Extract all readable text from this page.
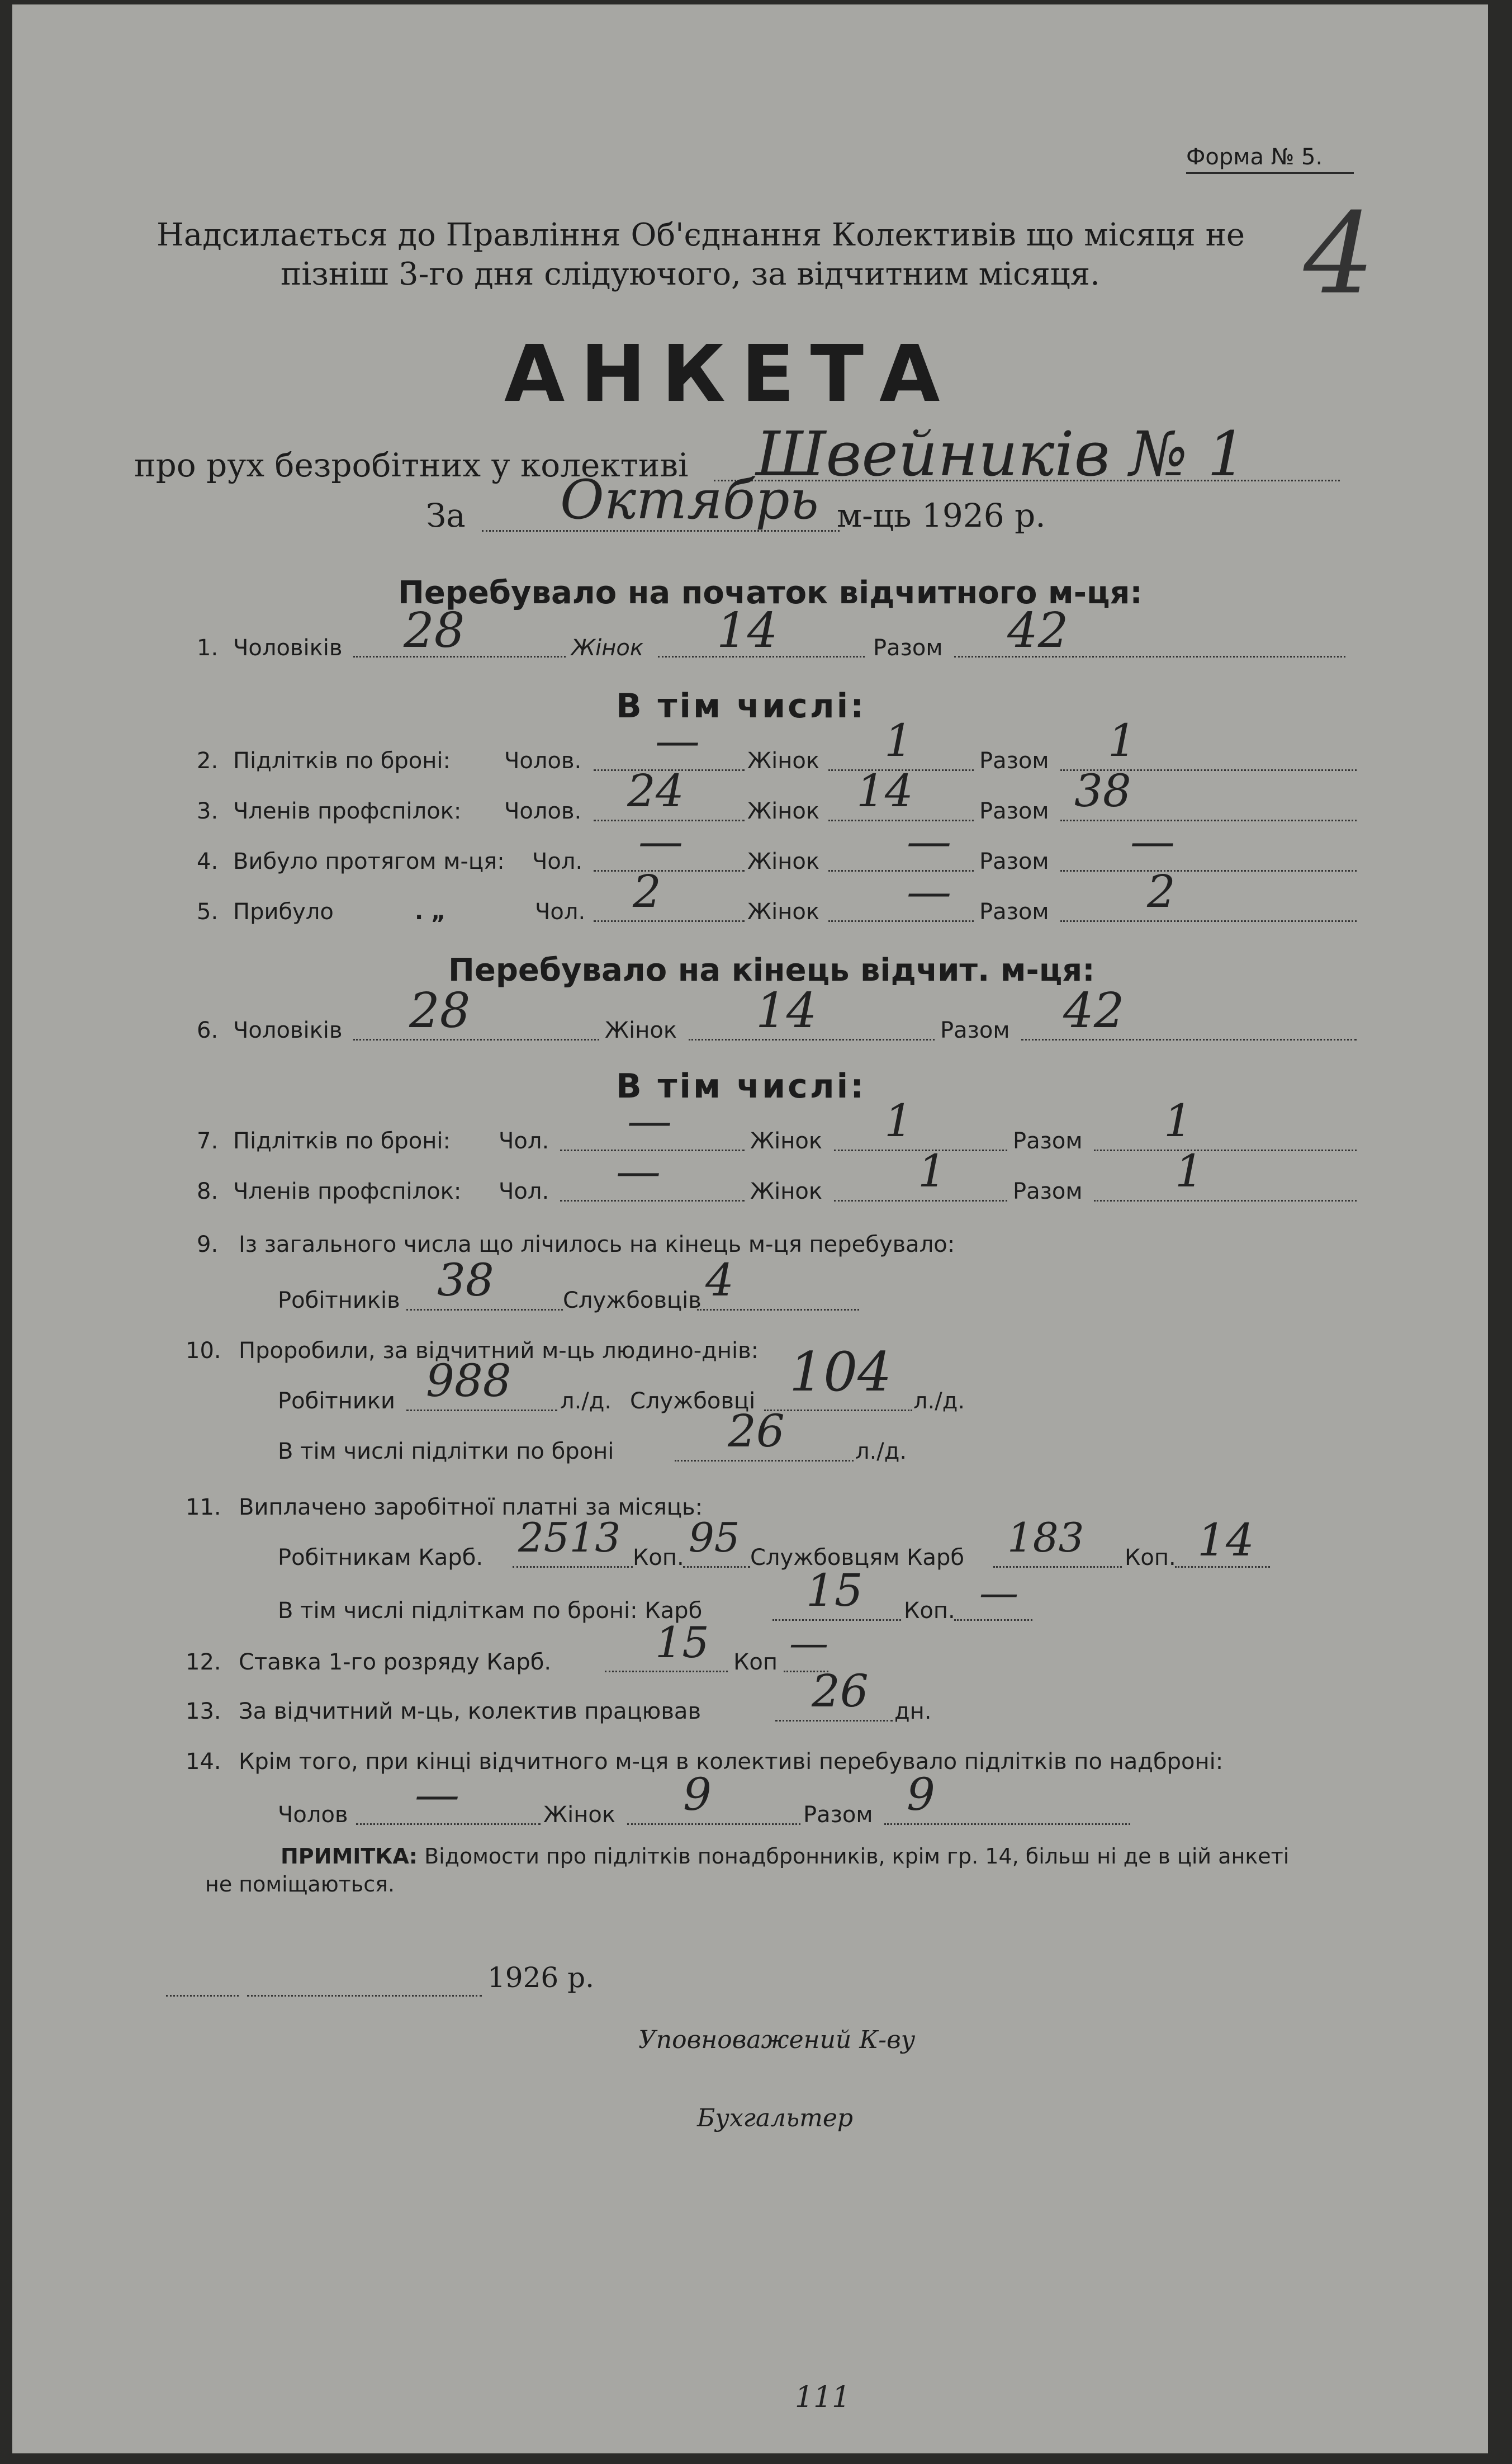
Форма № 5.
Надсилається до Правління Об'єднання Колективів що місяця не
пізніш 3-го дня слідуючого, за відчитним місяця. 4
АНКЕТА
про рух безробітних у колективі Швейників № 1
За Октябрь м-ць 1926 р.
Перебувало на початок відчитного м-ця:
1. Чоловіків 28	Жінок 14	Разом 42
В тім числі:
2. Підлітків по броні: Чолов. — Жінок 1	Разом 1
3. Членів профспілок: Чолов. 24	Жінок 14	Разом 38
4. Вибуло протягом м-ця: Чол. —	Жінок — Разом —
5. Прибуло	. „	Чол. 2	Жінок — Разом 2
Перебувало на кінець відчит. м-ця:
6. Чоловіків 28	Жінок 14	Разом 42
В тім числі:
7. Підлітків по броні: Чол. —	Жінок 1	Разом 1
8. Членів профспілок: Чол. —	Жінок 1	Разом 1
9. Із загального числа що лічилось на кінець м-ця перебувало:
Робітників 38	Службовців 4
10. Проробили, за відчитний м-ць людино-днів:
Робітники 988 л./д. Службовці 104 л./д.
В тім числі підлітки по броні	26	л./д.
11. Виплачено заробітної платні за місяць:
Робітникам Карб. 2513 Коп. 95 Службовцям Карб 183 Коп. 14
В тім числі підліткам по броні: Карб 15 Коп. —
12. Ставка 1-го розряду Карб. 15 Коп —
13. За відчитний м-ць, колектив працював 26 дн.
14. Крім того, при кінці відчитного м-ця в колективі перебувало підлітків по надброні:
Чолов —	Жінок 9	Разом 9
ПРИМІТКА: Відомости про підлітків понадбронників, крім гр. 14, більш ні де в цій анкеті
не поміщаються.
1926 р.
Уповноважений К-ву
Бухгальтер
111
